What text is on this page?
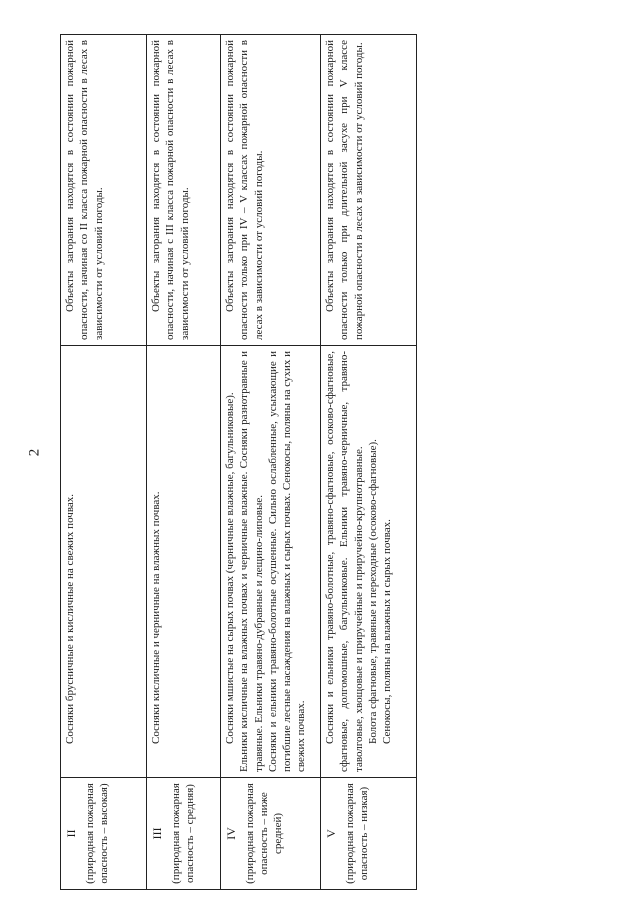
2
II (природная пожарная опасность – высокая)	Сосняки брусничные и кисличные на свежих почвах.	Объекты загорания находятся в состоянии пожарной опасности, начиная со II класса пожарной опасности в лесах в зависимости от условий погоды.

III (природная пожарная опасность – средняя)	Сосняки кисличные и черничные на влажных почвах.	Объекты загорания находятся в состоянии пожарной опасности, начиная с III класса пожарной опасности в лесах в зависимости от условий погоды.

IV (природная пожарная опасность – ниже средней)	Сосняки мшистые на сырых почвах (черничные влажные, багульниковые). Ельники кисличные на влажных почвах и черничные влажные. Сосняки разнотравные и травяные. Ельники травяно-дубравные и лещино-липовые. Сосняки и ельники травяно-болотные осушенные. Сильно ослабленные, усыхающие и погибшие лесные насаждения на влажных и сырых почвах. Сенокосы, поляны на сухих и свежих почвах.	Объекты загорания находятся в состоянии пожарной опасности только при IV – V классах пожарной опасности в лесах в зависимости от условий погоды.

V (природная пожарная опасность – низкая)	Сосняки и ельники травяно-болотные, травяно-сфагновые, осоково-сфагновые, сфагновые, долгомошные, багульниковые. Ельники травяно-черничные, травяно-таволговые, хвощовые и приручейные и приручейно-крупнотравные. Болота сфагновые, травяные и переходные (осоково-сфагновые). Сенокосы, поляны на влажных и сырых почвах.	Объекты загорания находятся в состоянии пожарной опасности только при длительной засухе при V классе пожарной опасности в лесах в зависимости от условий погоды.
